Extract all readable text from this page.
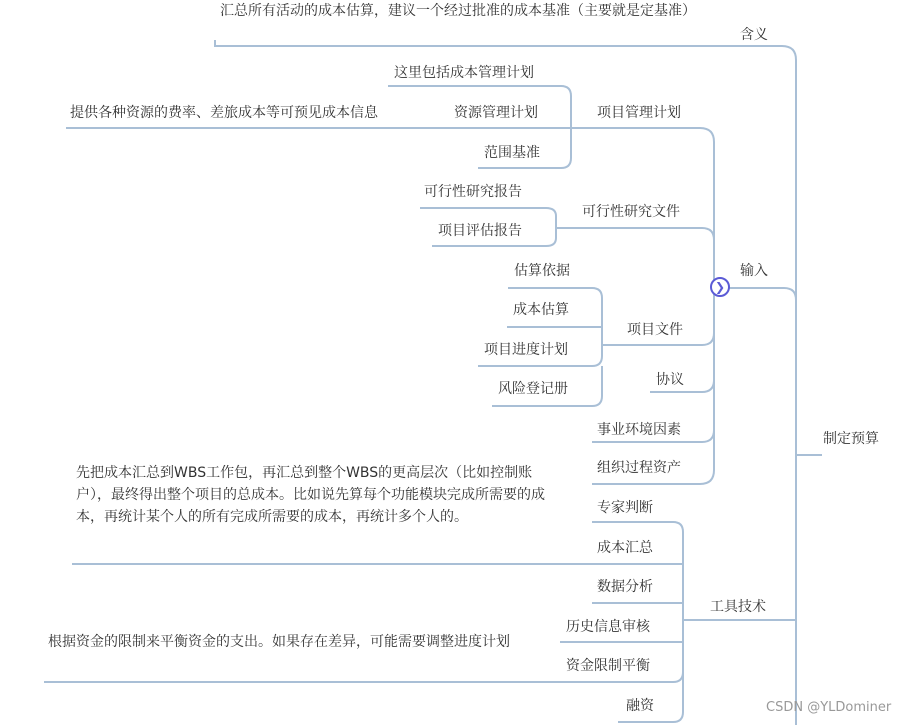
制定预算
含义
汇总所有活动的成本估算，建议一个经过批准的成本基准（主要就是定基准）
输入
❯
项目管理计划
这里包括成本管理计划
资源管理计划
范围基准
提供各种资源的费率、差旅成本等可预见成本信息
可行性研究文件
可行性研究报告
项目评估报告
项目文件
估算依据
成本估算
项目进度计划
风险登记册
协议
事业环境因素
组织过程资产
工具技术
专家判断
成本汇总
数据分析
历史信息审核
资金限制平衡
融资
先把成本汇总到WBS工作包，再汇总到整个WBS的更高层次（比如控制账户），最终得出整个项目的总成本。比如说先算每个功能模块完成所需要的成本，再统计某个人的所有完成所需要的成本，再统计多个人的。
根据资金的限制来平衡资金的支出。如果存在差异，可能需要调整进度计划
CSDN @YLDominer
